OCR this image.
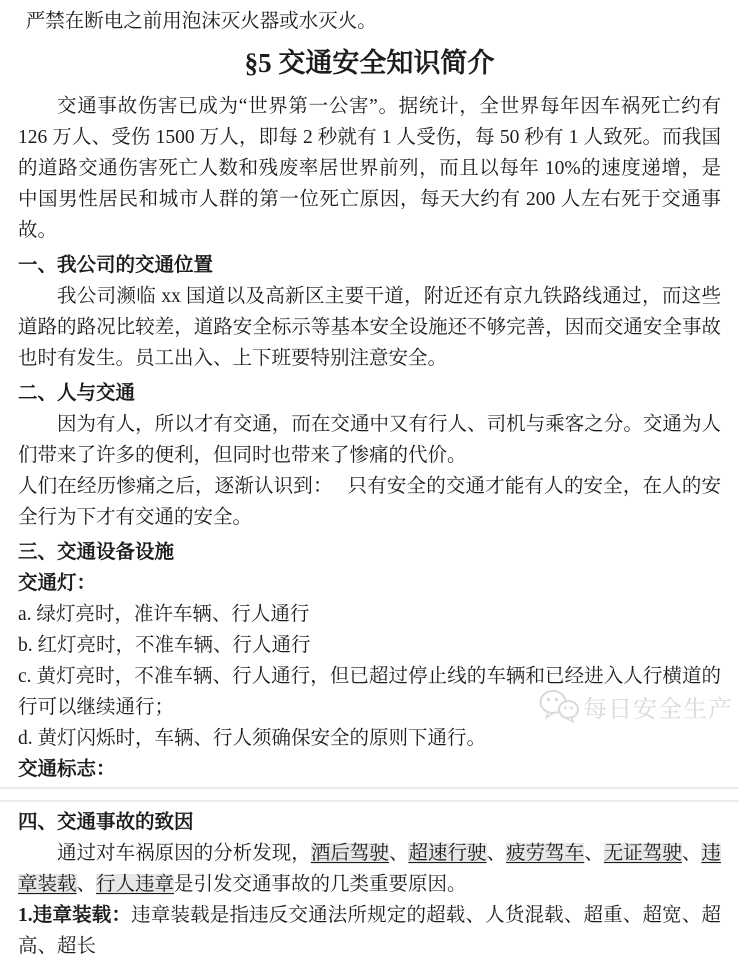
严禁在断电之前用泡沫灭火器或水灭火。

§5 交通安全知识简介

交通事故伤害已成为“世界第一公害”。据统计，全世界每年因车祸死亡约有 126 万人、受伤 1500 万人，即每 2 秒就有 1 人受伤，每 50 秒有 1 人致死。而我国的道路交通伤害死亡人数和残废率居世界前列，而且以每年 10%的速度递增，是中国男性居民和城市人群的第一位死亡原因，每天大约有 200 人左右死于交通事故。

一、我公司的交通位置

我公司濒临 xx 国道以及高新区主要干道，附近还有京九铁路线通过，而这些道路的路况比较差，道路安全标示等基本安全设施还不够完善，因而交通安全事故也时有发生。员工出入、上下班要特别注意安全。

二、人与交通

因为有人，所以才有交通，而在交通中又有行人、司机与乘客之分。交通为人们带来了许多的便利，但同时也带来了惨痛的代价。

人们在经历惨痛之后，逐渐认识到：　 只有安全的交通才能有人的安全，在人的安全行为下才有交通的安全。

三、交通设备设施

交通灯：

a. 绿灯亮时，准许车辆、行人通行

b. 红灯亮时，不准车辆、行人通行

c. 黄灯亮时，不准车辆、行人通行，但已超过停止线的车辆和已经进入人行横道的行可以继续通行；

d. 黄灯闪烁时，车辆、行人须确保安全的原则下通行。

交通标志：

四、交通事故的致因

通过对车祸原因的分析发现，酒后驾驶、超速行驶、疲劳驾车、无证驾驶、违章装载、行人违章是引发交通事故的几类重要原因。

1.违章装载：违章装载是指违反交通法所规定的超载、人货混载、超重、超宽、超高、超长

每日安全生产
